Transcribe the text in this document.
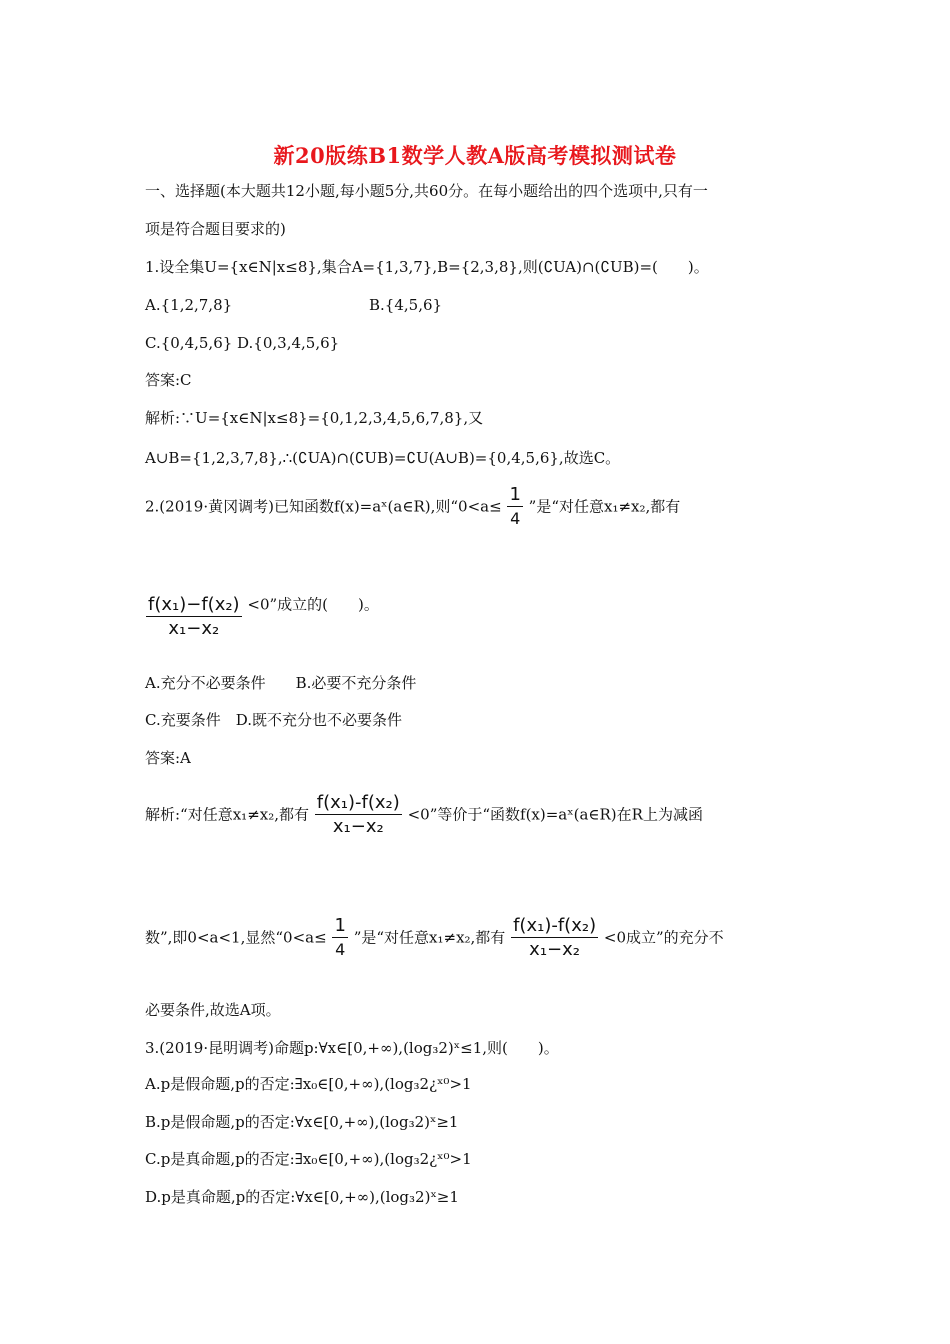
新20版练B1数学人教A版高考模拟测试卷
一、选择题(本大题共12小题,每小题5分,共60分。在每小题给出的四个选项中,只有一
项是符合题目要求的)
1.设全集U={x∈N|x≤8},集合A={1,3,7},B={2,3,8},则(∁UA)∩(∁UB)=(　　)。
A.{1,2,7,8}	B.{4,5,6}
C.{0,4,5,6} D.{0,3,4,5,6}
答案:C
解析:∵U={x∈N|x≤8}={0,1,2,3,4,5,6,7,8},又
A∪B={1,2,3,7,8},∴(∁UA)∩(∁UB)=∁U(A∪B)={0,4,5,6},故选C。
2.(2019·黄冈调考)已知函数f(x)=aˣ(a∈R),则“$0<a\le \frac{1}{4}$ ”是“对任意x₁≠x₂,都有
$\frac{\text{f(x₁)−f(x₂)}}{\text{x₁−x₂}} <0$”成立的(　　)。
A.充分不必要条件　　B.必要不充分条件
C.充要条件　D.既不充分也不必要条件
答案:A
解析:“对任意x₁≠x₂,都有 $\frac{\text{f(x₁)-f(x₂)}}{\text{x₁−x₂}} <0$”等价于“函数f(x)=aˣ(a∈R)在R上为减函
数”,即0<a<1,显然“$0<a\le \frac{1}{4}$ ”是“对任意x₁≠x₂,都有 $\frac{\text{f(x₁)-f(x₂)}}{\text{x₁−x₂}} <0$成立”的充分不
必要条件,故选A项。
3.(2019·昆明调考)命题p:∀x∈[0,+∞),(log₃2)ˣ≤1,则(　　)。
A.p是假命题,p的否定:∃x₀∈[0,+∞),(log₃2¿ˣ⁰>1
B.p是假命题,p的否定:∀x∈[0,+∞),(log₃2)ˣ≥1
C.p是真命题,p的否定:∃x₀∈[0,+∞),(log₃2¿ˣ⁰>1
D.p是真命题,p的否定:∀x∈[0,+∞),(log₃2)ˣ≥1
